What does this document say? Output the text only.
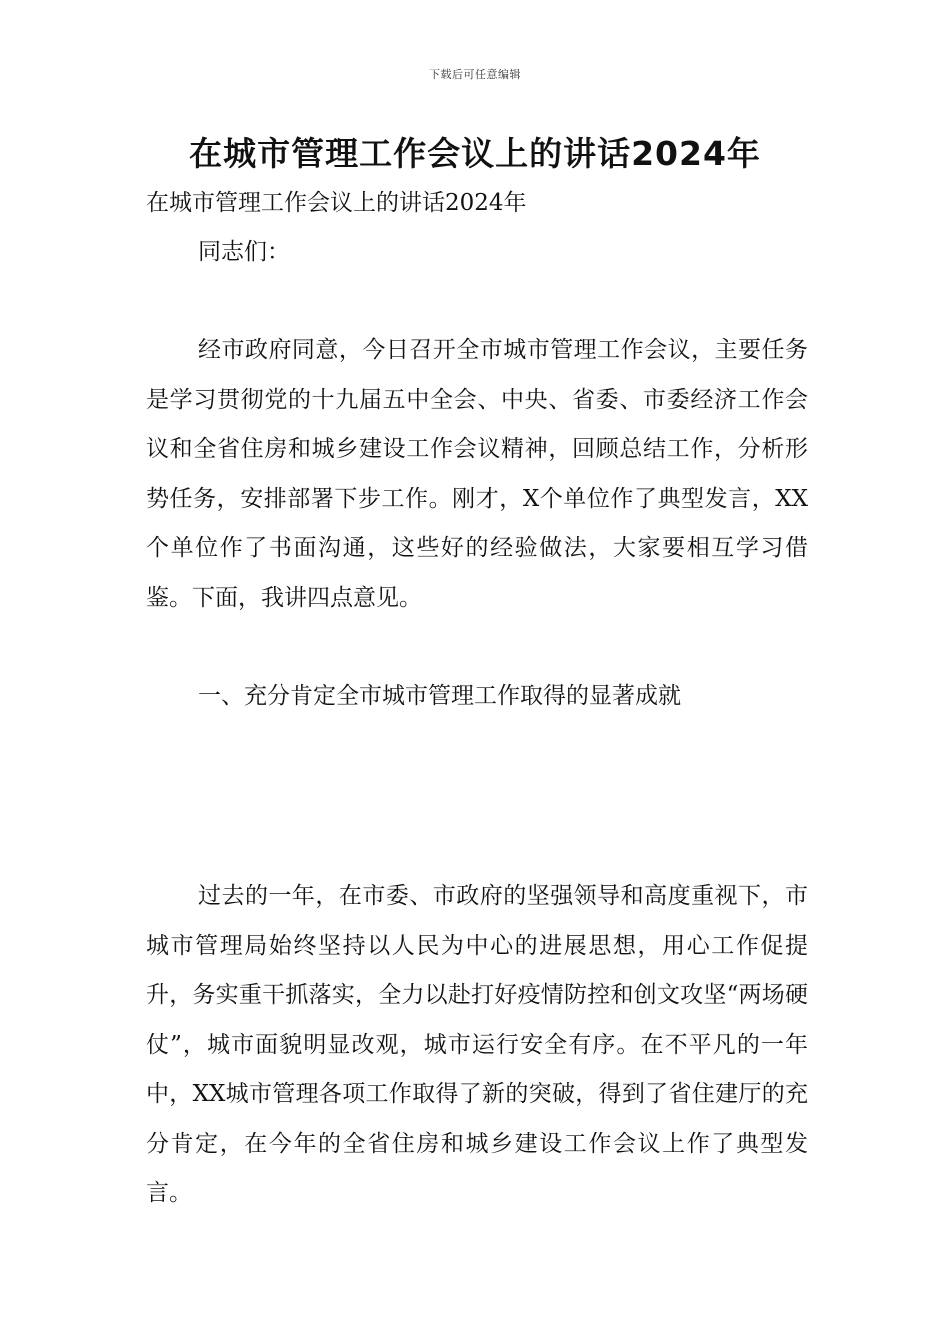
下载后可任意编辑
在城市管理工作会议上的讲话2024年
在城市管理工作会议上的讲话2024年

同志们：

经市政府同意，今日召开全市城市管理工作会议，主要任务是学习贯彻党的十九届五中全会、中央、省委、市委经济工作会议和全省住房和城乡建设工作会议精神，回顾总结工作，分析形势任务，安排部署下步工作。刚才，X个单位作了典型发言，XX个单位作了书面沟通，这些好的经验做法，大家要相互学习借鉴。下面，我讲四点意见。

一、充分肯定全市城市管理工作取得的显著成就

过去的一年，在市委、市政府的坚强领导和高度重视下，市城市管理局始终坚持以人民为中心的进展思想，用心工作促提升，务实重干抓落实，全力以赴打好疫情防控和创文攻坚“两场硬仗”，城市面貌明显改观，城市运行安全有序。在不平凡的一年中，XX城市管理各项工作取得了新的突破，得到了省住建厅的充分肯定，在今年的全省住房和城乡建设工作会议上作了典型发言。
